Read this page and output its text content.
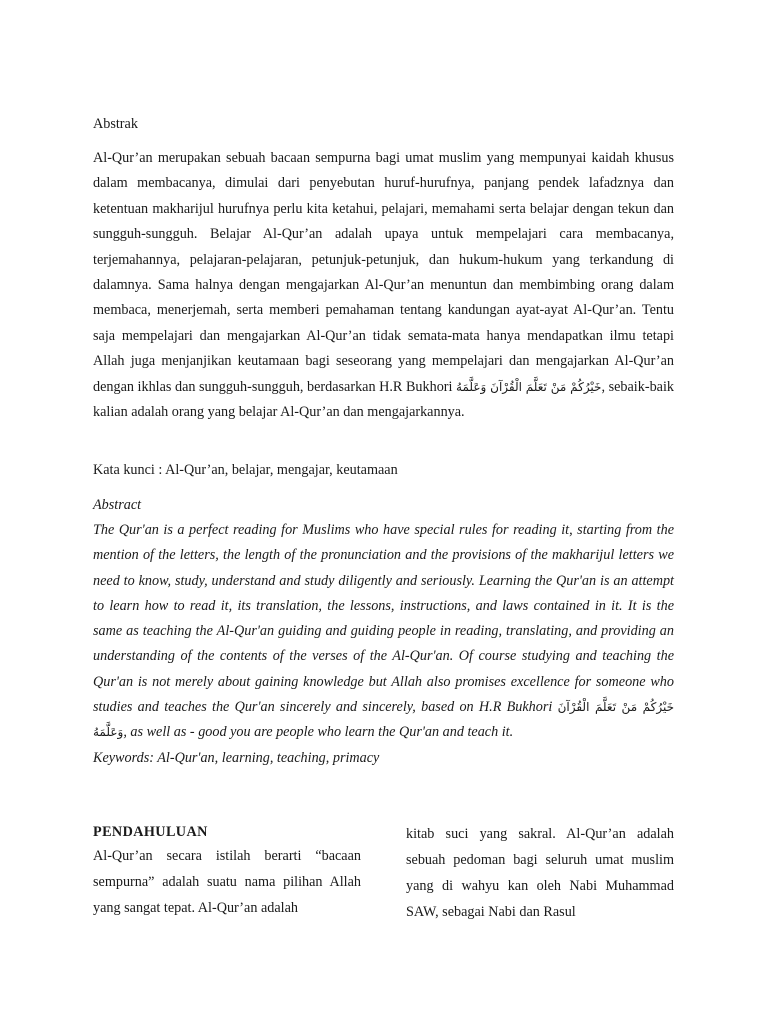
Abstrak

Al-Qur’an merupakan sebuah bacaan sempurna bagi umat muslim yang mempunyai kaidah khusus dalam membacanya, dimulai dari penyebutan huruf-hurufnya, panjang pendek lafadznya dan ketentuan makharijul hurufnya perlu kita ketahui, pelajari, memahami serta belajar dengan tekun dan sungguh-sungguh. Belajar Al-Qur’an adalah upaya untuk mempelajari cara membacanya, terjemahannya, pelajaran-pelajaran, petunjuk-petunjuk, dan hukum-hukum yang terkandung di dalamnya. Sama halnya dengan mengajarkan Al-Qur’an menuntun dan membimbing orang dalam membaca, menerjemah, serta memberi pemahaman tentang kandungan ayat-ayat Al-Qur’an. Tentu saja mempelajari dan mengajarkan Al-Qur’an tidak semata-mata hanya mendapatkan ilmu tetapi Allah juga menjanjikan keutamaan bagi seseorang yang mempelajari dan mengajarkan Al-Qur’an dengan ikhlas dan sungguh-sungguh, berdasarkan H.R Bukhori خَيْرُكُمْ مَنْ تَعَلَّمَ الْقُرْآنَ وَعَلَّمَهُ, sebaik-baik kalian adalah orang yang belajar Al-Qur’an dan mengajarkannya.

Kata kunci : Al-Qur’an, belajar, mengajar, keutamaan

Abstract

The Qur'an is a perfect reading for Muslims who have special rules for reading it, starting from the mention of the letters, the length of the pronunciation and the provisions of the makharijul letters we need to know, study, understand and study diligently and seriously. Learning the Qur'an is an attempt to learn how to read it, its translation, the lessons, instructions, and laws contained in it. It is the same as teaching the Al-Qur'an guiding and guiding people in reading, translating, and providing an understanding of the contents of the verses of the Al-Qur'an. Of course studying and teaching the Qur'an is not merely about gaining knowledge but Allah also promises excellence for someone who studies and teaches the Qur'an sincerely and sincerely, based on H.R Bukhori خَيْرُكُمْ مَنْ تَعَلَّمَ الْقُرْآنَ وَعَلَّمَهُ, as well as - good you are people who learn the Qur'an and teach it.
Keywords: Al-Qur'an, learning, teaching, primacy

PENDAHULUAN

Al-Qur’an secara istilah berarti “bacaan sempurna” adalah suatu nama pilihan Allah yang sangat tepat. Al-Qur’an adalah

kitab suci yang sakral. Al-Qur’an adalah sebuah pedoman bagi seluruh umat muslim yang di wahyu kan oleh Nabi Muhammad SAW, sebagai Nabi dan Rasul
